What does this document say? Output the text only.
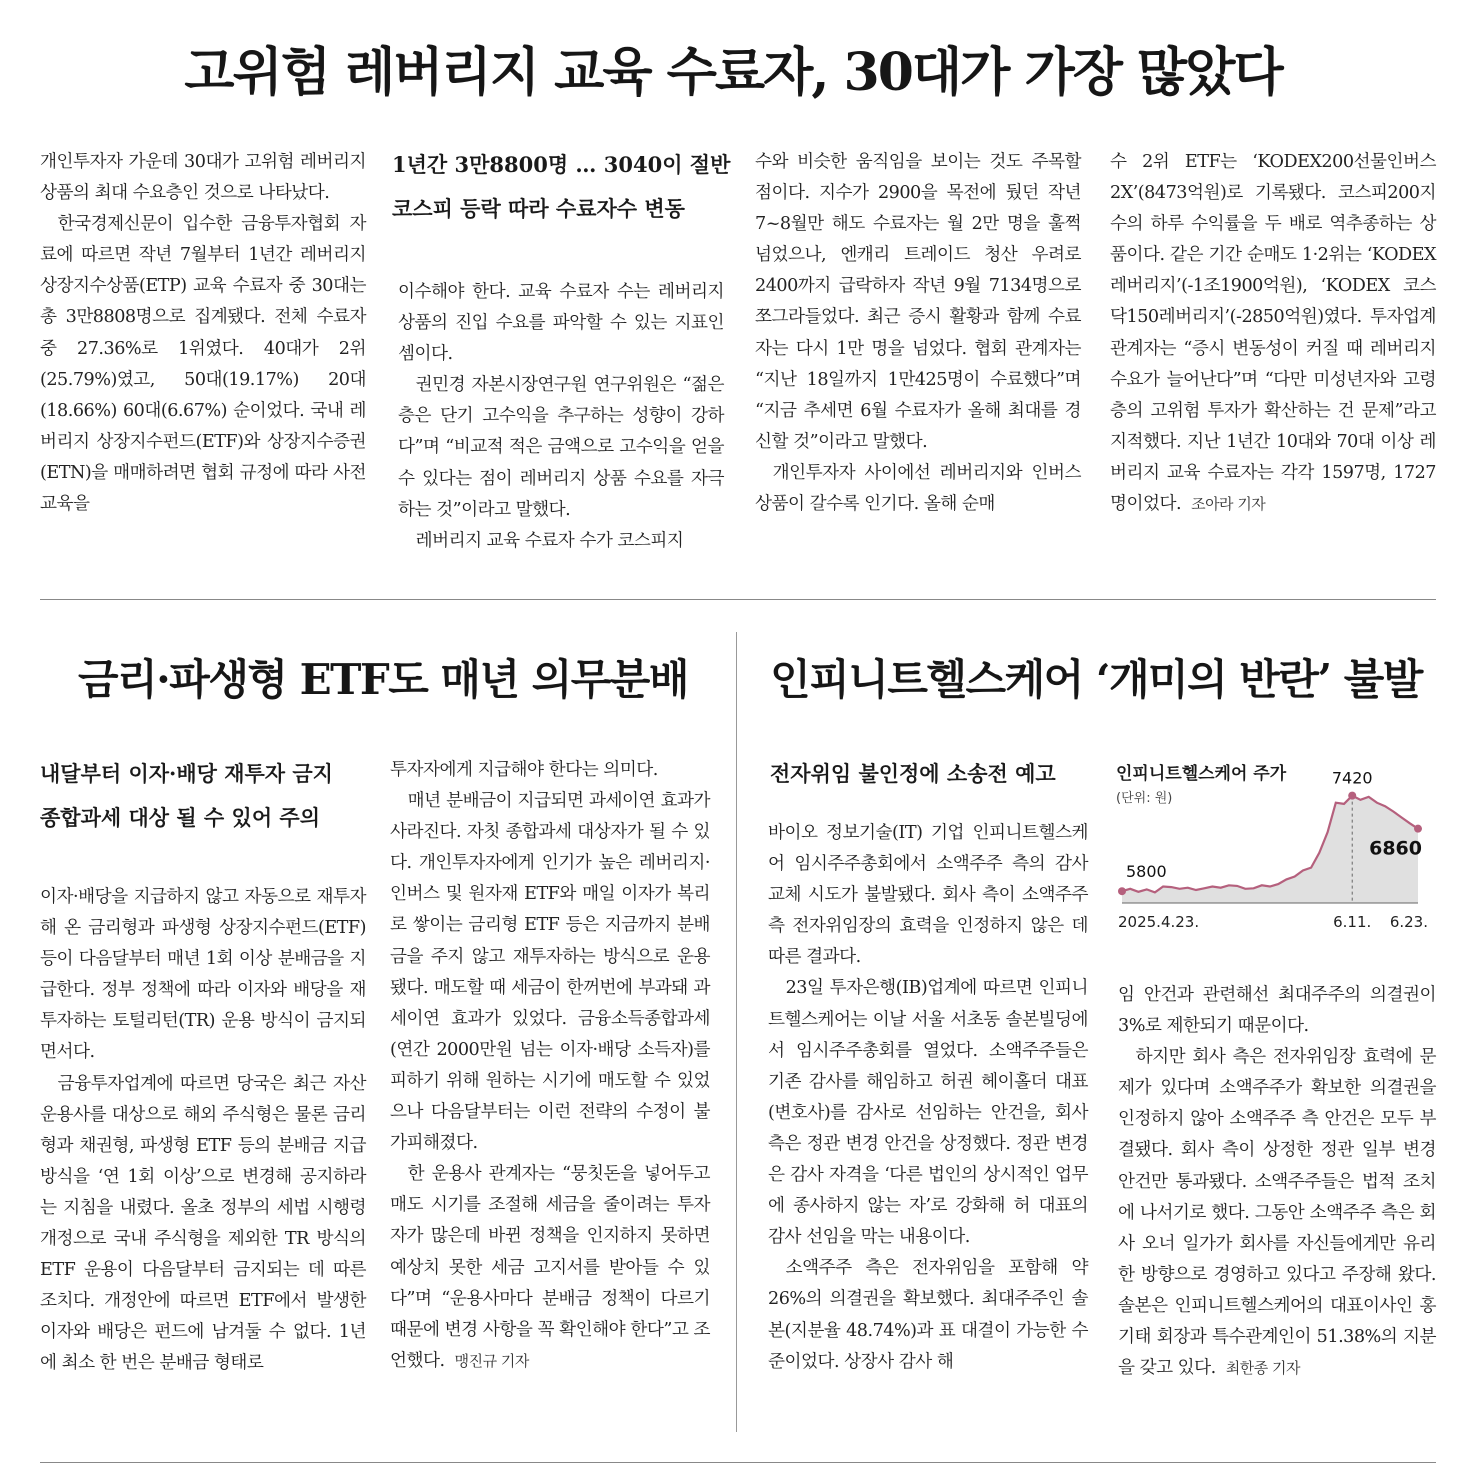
고위험 레버리지 교육 수료자, 30대가 가장 많았다

개인투자자 가운데 30대가 고위험 레버리지 상품의 최대 수요층인 것으로 나타났다.

한국경제신문이 입수한 금융투자협회 자료에 따르면 작년 7월부터 1년간 레버리지 상장지수상품(ETP) 교육 수료자 중 30대는 총 3만8808명으로 집계됐다. 전체 수료자 중 27.36%로 1위였다. 40대가 2위(25.79%)였고, 50대(19.17%) 20대(18.66%) 60대(6.67%) 순이었다. 국내 레버리지 상장지수펀드(ETF)와 상장지수증권(ETN)을 매매하려면 협회 규정에 따라 사전 교육을

1년간 3만8800명 … 3040이 절반
코스피 등락 따라 수료자수 변동

이수해야 한다. 교육 수료자 수는 레버리지 상품의 진입 수요를 파악할 수 있는 지표인 셈이다.

권민경 자본시장연구원 연구위원은 “젊은 층은 단기 고수익을 추구하는 성향이 강하다”며 “비교적 적은 금액으로 고수익을 얻을 수 있다는 점이 레버리지 상품 수요를 자극하는 것”이라고 말했다.

레버리지 교육 수료자 수가 코스피지

수와 비슷한 움직임을 보이는 것도 주목할 점이다. 지수가 2900을 목전에 뒀던 작년 7~8월만 해도 수료자는 월 2만 명을 훌쩍 넘었으나, 엔캐리 트레이드 청산 우려로 2400까지 급락하자 작년 9월 7134명으로 쪼그라들었다. 최근 증시 활황과 함께 수료자는 다시 1만 명을 넘었다. 협회 관계자는 “지난 18일까지 1만425명이 수료했다”며 “지금 추세면 6월 수료자가 올해 최대를 경신할 것”이라고 말했다.

개인투자자 사이에선 레버리지와 인버스 상품이 갈수록 인기다. 올해 순매

수 2위 ETF는 ‘KODEX200선물인버스2X’(8473억원)로 기록됐다. 코스피200지수의 하루 수익률을 두 배로 역추종하는 상품이다. 같은 기간 순매도 1·2위는 ‘KODEX 레버리지’(-1조1900억원), ‘KODEX 코스닥150레버리지’(-2850억원)였다. 투자업계 관계자는 “증시 변동성이 커질 때 레버리지 수요가 늘어난다”며 “다만 미성년자와 고령층의 고위험 투자가 확산하는 건 문제”라고 지적했다. 지난 1년간 10대와 70대 이상 레버리지 교육 수료자는 각각 1597명, 1727명이었다. 조아라 기자

금리·파생형 ETF도 매년 의무분배
내달부터 이자·배당 재투자 금지
종합과세 대상 될 수 있어 주의

이자·배당을 지급하지 않고 자동으로 재투자해 온 금리형과 파생형 상장지수펀드(ETF) 등이 다음달부터 매년 1회 이상 분배금을 지급한다. 정부 정책에 따라 이자와 배당을 재투자하는 토털리턴(TR) 운용 방식이 금지되면서다.

금융투자업계에 따르면 당국은 최근 자산운용사를 대상으로 해외 주식형은 물론 금리형과 채권형, 파생형 ETF 등의 분배금 지급 방식을 ‘연 1회 이상’으로 변경해 공지하라는 지침을 내렸다. 올초 정부의 세법 시행령 개정으로 국내 주식형을 제외한 TR 방식의 ETF 운용이 다음달부터 금지되는 데 따른 조치다. 개정안에 따르면 ETF에서 발생한 이자와 배당은 펀드에 남겨둘 수 없다. 1년에 최소 한 번은 분배금 형태로

투자자에게 지급해야 한다는 의미다.

매년 분배금이 지급되면 과세이연 효과가 사라진다. 자칫 종합과세 대상자가 될 수 있다. 개인투자자에게 인기가 높은 레버리지·인버스 및 원자재 ETF와 매일 이자가 복리로 쌓이는 금리형 ETF 등은 지금까지 분배금을 주지 않고 재투자하는 방식으로 운용됐다. 매도할 때 세금이 한꺼번에 부과돼 과세이연 효과가 있었다. 금융소득종합과세(연간 2000만원 넘는 이자·배당 소득자)를 피하기 위해 원하는 시기에 매도할 수 있었으나 다음달부터는 이런 전략의 수정이 불가피해졌다.

한 운용사 관계자는 “뭉칫돈을 넣어두고 매도 시기를 조절해 세금을 줄이려는 투자자가 많은데 바뀐 정책을 인지하지 못하면 예상치 못한 세금 고지서를 받아들 수 있다”며 “운용사마다 분배금 정책이 다르기 때문에 변경 사항을 꼭 확인해야 한다”고 조언했다. 맹진규 기자

인피니트헬스케어 ‘개미의 반란’ 불발
전자위임 불인정에 소송전 예고

바이오 정보기술(IT) 기업 인피니트헬스케어 임시주주총회에서 소액주주 측의 감사 교체 시도가 불발됐다. 회사 측이 소액주주 측 전자위임장의 효력을 인정하지 않은 데 따른 결과다.

23일 투자은행(IB)업계에 따르면 인피니트헬스케어는 이날 서울 서초동 솔본빌딩에서 임시주주총회를 열었다. 소액주주들은 기존 감사를 해임하고 허권 헤이홀더 대표(변호사)를 감사로 선임하는 안건을, 회사 측은 정관 변경 안건을 상정했다. 정관 변경은 감사 자격을 ‘다른 법인의 상시적인 업무에 종사하지 않는 자’로 강화해 허 대표의 감사 선임을 막는 내용이다.

소액주주 측은 전자위임을 포함해 약 26%의 의결권을 확보했다. 최대주주인 솔본(지분율 48.74%)과 표 대결이 가능한 수준이었다. 상장사 감사 해

인피니트헬스케어 주가
(단위: 원)
5800
7420
6860
2025.4.23.	6.11. 6.23.

임 안건과 관련해선 최대주주의 의결권이 3%로 제한되기 때문이다.

하지만 회사 측은 전자위임장 효력에 문제가 있다며 소액주주가 확보한 의결권을 인정하지 않아 소액주주 측 안건은 모두 부결됐다. 회사 측이 상정한 정관 일부 변경 안건만 통과됐다. 소액주주들은 법적 조치에 나서기로 했다. 그동안 소액주주 측은 회사 오너 일가가 회사를 자신들에게만 유리한 방향으로 경영하고 있다고 주장해 왔다. 솔본은 인피니트헬스케어의 대표이사인 홍기태 회장과 특수관계인이 51.38%의 지분을 갖고 있다. 최한종 기자
